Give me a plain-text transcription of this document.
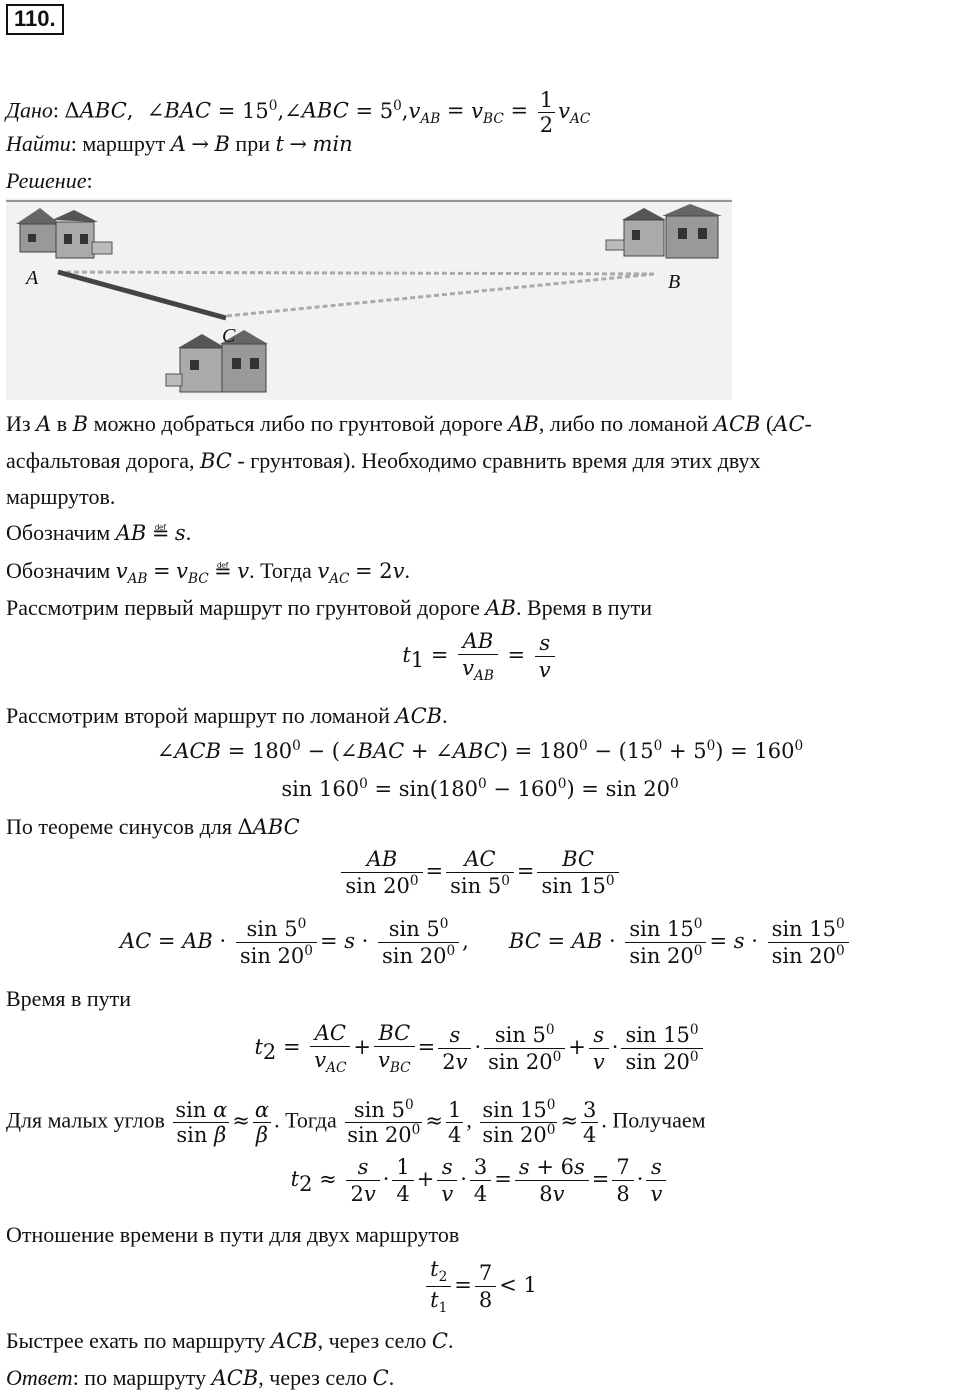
110.
Дано: ΔABC,  ∠BAC = $15^0,\angle ABC = 5^0,v_{AB} = v_{BC} = \frac{1}{2} v_{AC}$
Найти: маршрут A → B при t → min
Решение:
A	B
C
Из A в B можно добраться либо по грунтовой дороге AB, либо по ломаной ACB (AC-
асфальтовая дорога, BC - грунтовая). Необходимо сравнить время для этих двух
маршрутов.
Обозначим AB ≝ s.
Обозначим $v_{AB} = v_{BC}$ ≝ v. Тогда $v_{AC} = 2v$.
Рассмотрим первый маршрут по грунтовой дороге AB. Время в пути
$t_1 = \frac{AB}{v_{AB}} = \frac{s}{v}$
Рассмотрим второй маршрут по ломаной ACB.
∠ACB = $180^0$ − (∠BAC + ∠ABC) = $180^0 - (15^0 + 5^0) = 160^0$
$\sin 160^0 = \sin(180^0 - 160^0) = \sin 20^0$
По теореме синусов для ΔABC
$\frac{AB}{\sin 20^0} = \frac{AC}{\sin 5^0} = \frac{BC}{\sin 15^0}$
AC = AB · $\frac{\sin 5^0}{\sin 20^0} = s \cdot \frac{\sin 5^0}{\sin 20^0}$ ,      BC = AB · $\frac{\sin 15^0}{\sin 20^0} = s \cdot \frac{\sin 15^0}{\sin 20^0}$
Время в пути
$t_2 = \frac{AC}{v_{AC}} + \frac{BC}{v_{BC}} = \frac{s}{2v} \cdot \frac{\sin 5^0}{\sin 20^0} + \frac{s}{v} \cdot \frac{\sin 15^0}{\sin 20^0}$
Для малых углов $\frac{\text{sin α}}{\text{sin β}} \approx \frac{\alpha}{\beta}$ . Тогда $\frac{\sin 5^0}{\sin 20^0} \approx \frac{1}{4}$ , $\frac{\sin 15^0}{\sin 20^0} \approx \frac{3}{4}$ . Получаем
$t_2 \approx \frac{s}{2v} \cdot \frac{1}{4} + \frac{s}{v} \cdot \frac{3}{4} = \frac{s + 6s}{8v} = \frac{7}{8} \cdot \frac{s}{v}$
Отношение времени в пути для двух маршрутов
$\frac{t_2}{t_1} = \frac{7}{8} < 1$
Быстрее ехать по маршруту ACB, через село C.
Ответ: по маршруту ACB, через село C.
